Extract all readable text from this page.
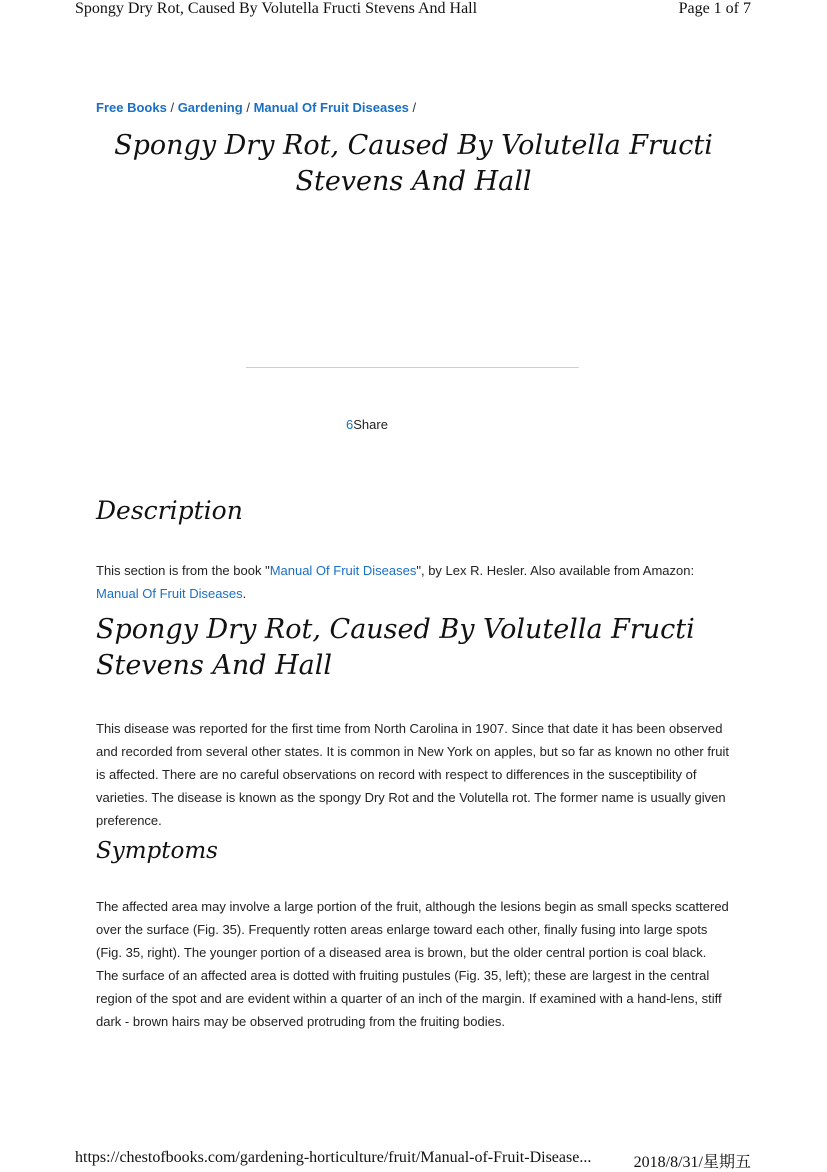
Spongy Dry Rot, Caused By Volutella Fructi Stevens And Hall	Page 1 of 7
Free Books / Gardening / Manual Of Fruit Diseases /
Spongy Dry Rot, Caused By Volutella Fructi Stevens And Hall
6Share
Description

This section is from the book "Manual Of Fruit Diseases", by Lex R. Hesler. Also available from Amazon: Manual Of Fruit Diseases.

Spongy Dry Rot, Caused By Volutella Fructi Stevens And Hall

This disease was reported for the first time from North Carolina in 1907. Since that date it has been observed and recorded from several other states. It is common in New York on apples, but so far as known no other fruit is affected. There are no careful observations on record with respect to differences in the susceptibility of varieties. The disease is known as the spongy Dry Rot and the Volutella rot. The former name is usually given preference.

Symptoms

The affected area may involve a large portion of the fruit, although the lesions begin as small specks scattered over the surface (Fig. 35). Frequently rotten areas enlarge toward each other, finally fusing into large spots (Fig. 35, right). The younger portion of a diseased area is brown, but the older central portion is coal black. The surface of an affected area is dotted with fruiting pustules (Fig. 35, left); these are largest in the central region of the spot and are evident within a quarter of an inch of the margin. If examined with a hand-lens, stiff dark - brown hairs may be observed protruding from the fruiting bodies.

https://chestofbooks.com/gardening-horticulture/fruit/Manual-of-Fruit-Disease...	2018/8/31/星期五
